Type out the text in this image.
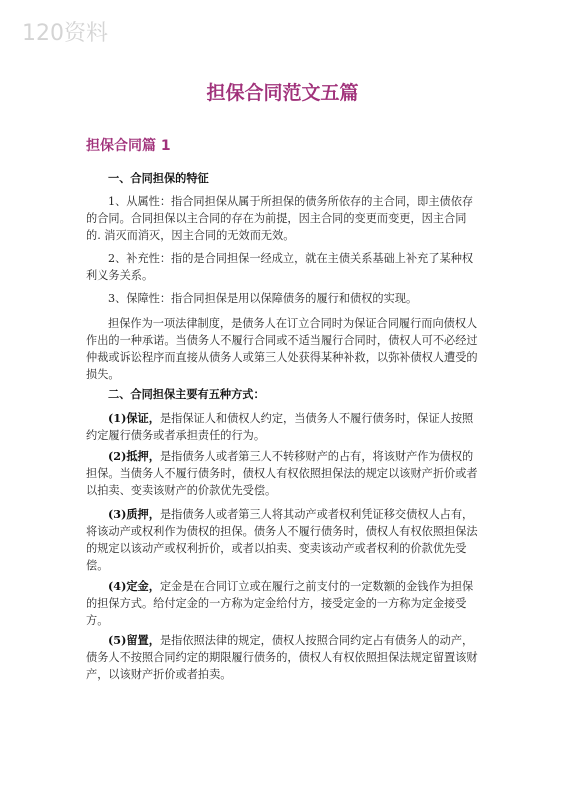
120资料
担保合同范文五篇
担保合同篇 1
一、合同担保的特征
1、从属性：指合同担保从属于所担保的债务所依存的主合同，即主债依存的合同。合同担保以主合同的存在为前提，因主合同的变更而变更，因主合同的. 消灭而消灭，因主合同的无效而无效。
2、补充性：指的是合同担保一经成立，就在主债关系基础上补充了某种权利义务关系。
3、保障性：指合同担保是用以保障债务的履行和债权的实现。
担保作为一项法律制度，是债务人在订立合同时为保证合同履行而向债权人作出的一种承诺。当债务人不履行合同或不适当履行合同时，债权人可不必经过仲裁或诉讼程序而直接从债务人或第三人处获得某种补救，以弥补债权人遭受的损失。
二、合同担保主要有五种方式：
(1)保证，是指保证人和债权人约定，当债务人不履行债务时，保证人按照约定履行债务或者承担责任的行为。
(2)抵押，是指债务人或者第三人不转移财产的占有，将该财产作为债权的担保。当债务人不履行债务时，债权人有权依照担保法的规定以该财产折价或者以拍卖、变卖该财产的价款优先受偿。
(3)质押，是指债务人或者第三人将其动产或者权利凭证移交债权人占有，将该动产或权利作为债权的担保。债务人不履行债务时，债权人有权依照担保法的规定以该动产或权利折价，或者以拍卖、变卖该动产或者权利的价款优先受偿。
(4)定金，定金是在合同订立或在履行之前支付的一定数额的金钱作为担保的担保方式。给付定金的一方称为定金给付方，接受定金的一方称为定金接受方。
(5)留置，是指依照法律的规定，债权人按照合同约定占有债务人的动产，债务人不按照合同约定的期限履行债务的，债权人有权依照担保法规定留置该财产，以该财产折价或者拍卖。
